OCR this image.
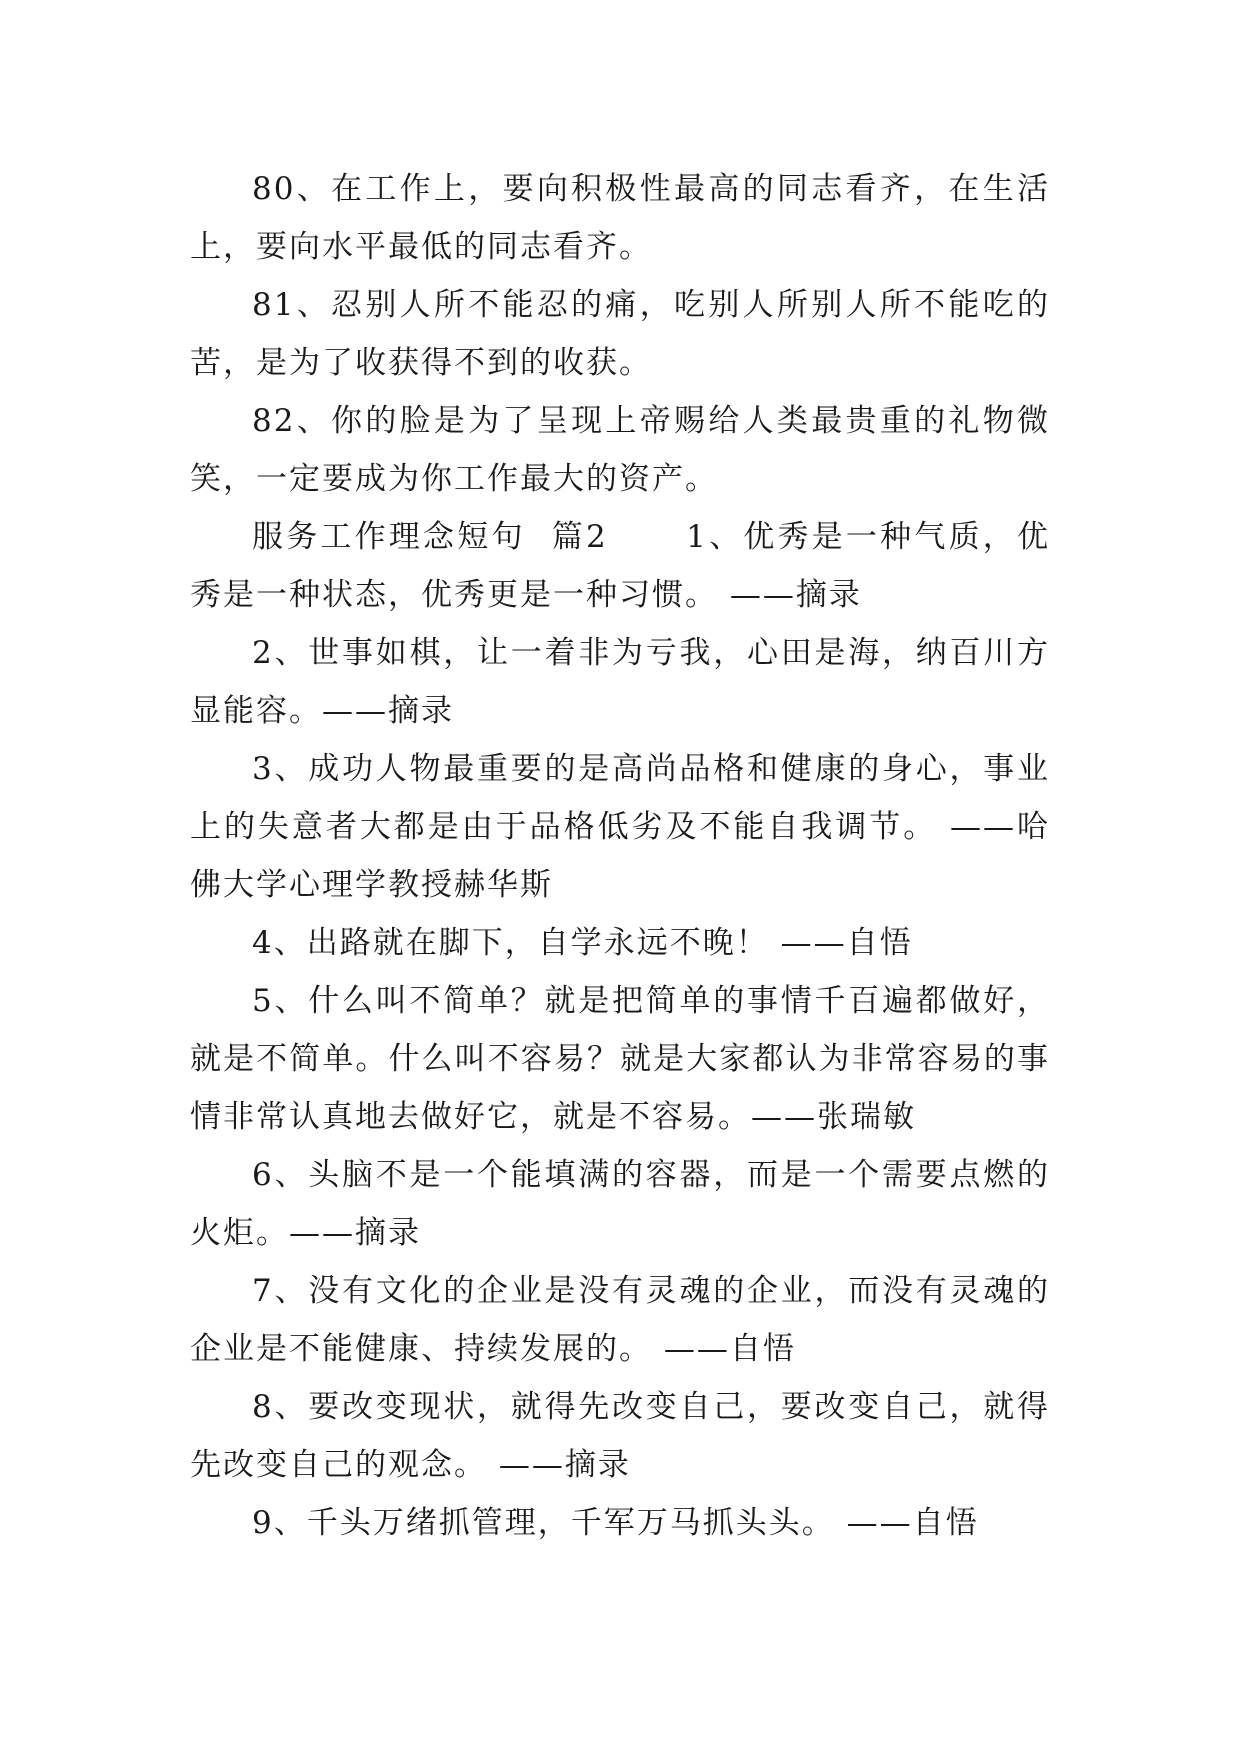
80、在工作上，要向积极性最高的同志看齐，在生活上，要向水平最低的同志看齐。

81、忍别人所不能忍的痛，吃别人所别人所不能吃的苦，是为了收获得不到的收获。

82、你的脸是为了呈现上帝赐给人类最贵重的礼物微笑，一定要成为你工作最大的资产。

服务工作理念短句  篇2      1、优秀是一种气质，优秀是一种状态，优秀更是一种习惯。 ——摘录

2、世事如棋，让一着非为亏我，心田是海，纳百川方显能容。——摘录

3、成功人物最重要的是高尚品格和健康的身心，事业上的失意者大都是由于品格低劣及不能自我调节。 ——哈佛大学心理学教授赫华斯

4、出路就在脚下，自学永远不晚！ ——自悟

5、什么叫不简单？就是把简单的事情千百遍都做好，就是不简单。什么叫不容易？就是大家都认为非常容易的事情非常认真地去做好它，就是不容易。——张瑞敏

6、头脑不是一个能填满的容器，而是一个需要点燃的火炬。——摘录

7、没有文化的企业是没有灵魂的企业，而没有灵魂的企业是不能健康、持续发展的。 ——自悟

8、要改变现状，就得先改变自己，要改变自己，就得先改变自己的观念。 ——摘录

9、千头万绪抓管理，千军万马抓头头。 ——自悟
